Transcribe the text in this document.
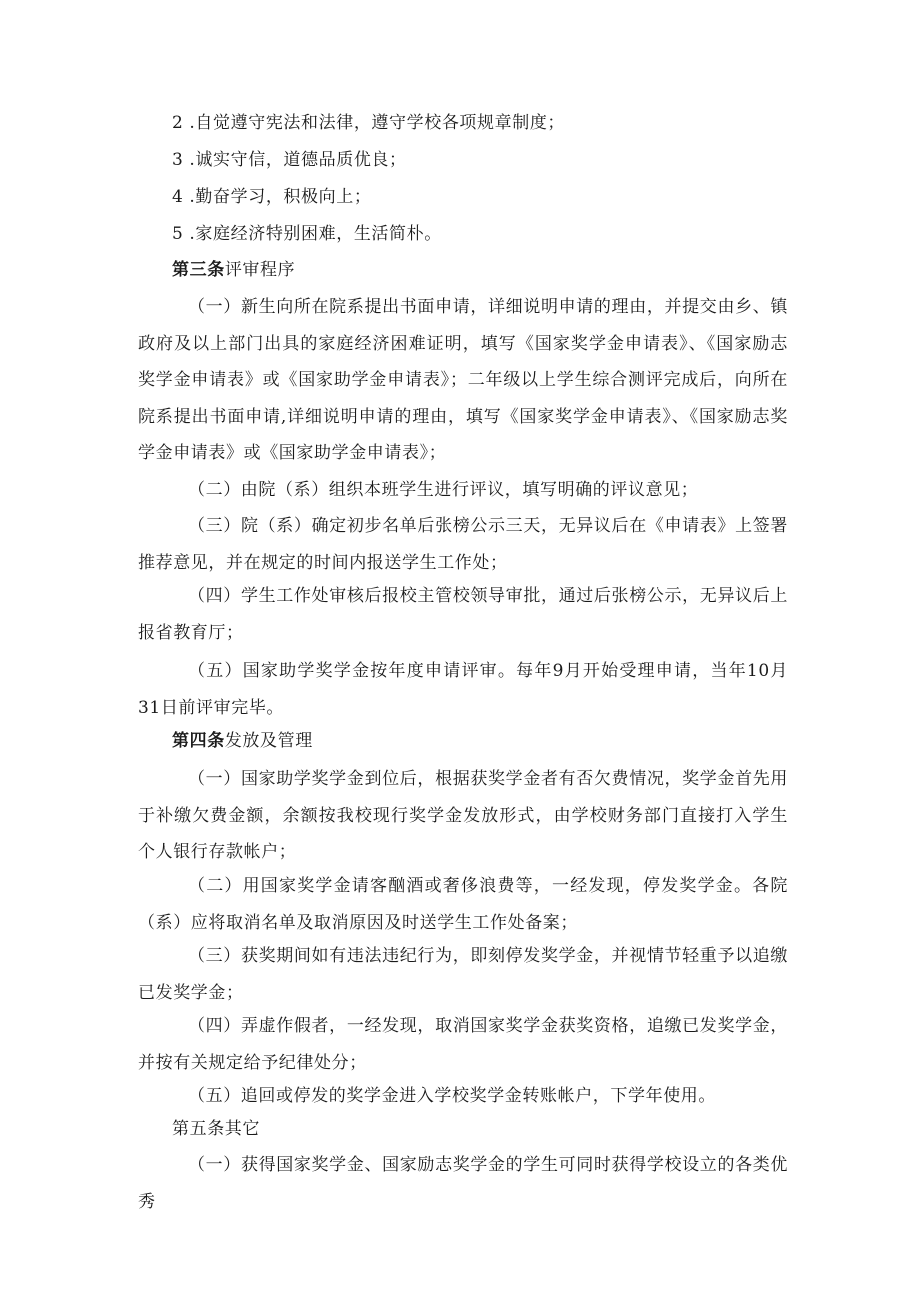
2 .自觉遵守宪法和法律，遵守学校各项规章制度；
3 .诚实守信，道德品质优良；
4 .勤奋学习，积极向上；
5 .家庭经济特别困难，生活简朴。
第三条评审程序
（一）新生向所在院系提出书面申请，详细说明申请的理由，并提交由乡、镇政府及以上部门出具的家庭经济困难证明，填写《国家奖学金申请表》、《国家励志奖学金申请表》或《国家助学金申请表》；二年级以上学生综合测评完成后，向所在院系提出书面申请,详细说明申请的理由，填写《国家奖学金申请表》、《国家励志奖学金申请表》或《国家助学金申请表》；
（二）由院（系）组织本班学生进行评议，填写明确的评议意见；
（三）院（系）确定初步名单后张榜公示三天，无异议后在《申请表》上签署推荐意见，并在规定的时间内报送学生工作处；
（四）学生工作处审核后报校主管校领导审批，通过后张榜公示，无异议后上报省教育厅；
（五）国家助学奖学金按年度申请评审。每年9月开始受理申请，当年10月31日前评审完毕。
第四条发放及管理
（一）国家助学奖学金到位后，根据获奖学金者有否欠费情况，奖学金首先用于补缴欠费金额，余额按我校现行奖学金发放形式，由学校财务部门直接打入学生个人银行存款帐户；
（二）用国家奖学金请客酗酒或奢侈浪费等，一经发现，停发奖学金。各院（系）应将取消名单及取消原因及时送学生工作处备案；
（三）获奖期间如有违法违纪行为，即刻停发奖学金，并视情节轻重予以追缴已发奖学金；
（四）弄虚作假者，一经发现，取消国家奖学金获奖资格，追缴已发奖学金，并按有关规定给予纪律处分；
（五）追回或停发的奖学金进入学校奖学金转账帐户，下学年使用。
第五条其它
（一）获得国家奖学金、国家励志奖学金的学生可同时获得学校设立的各类优秀
